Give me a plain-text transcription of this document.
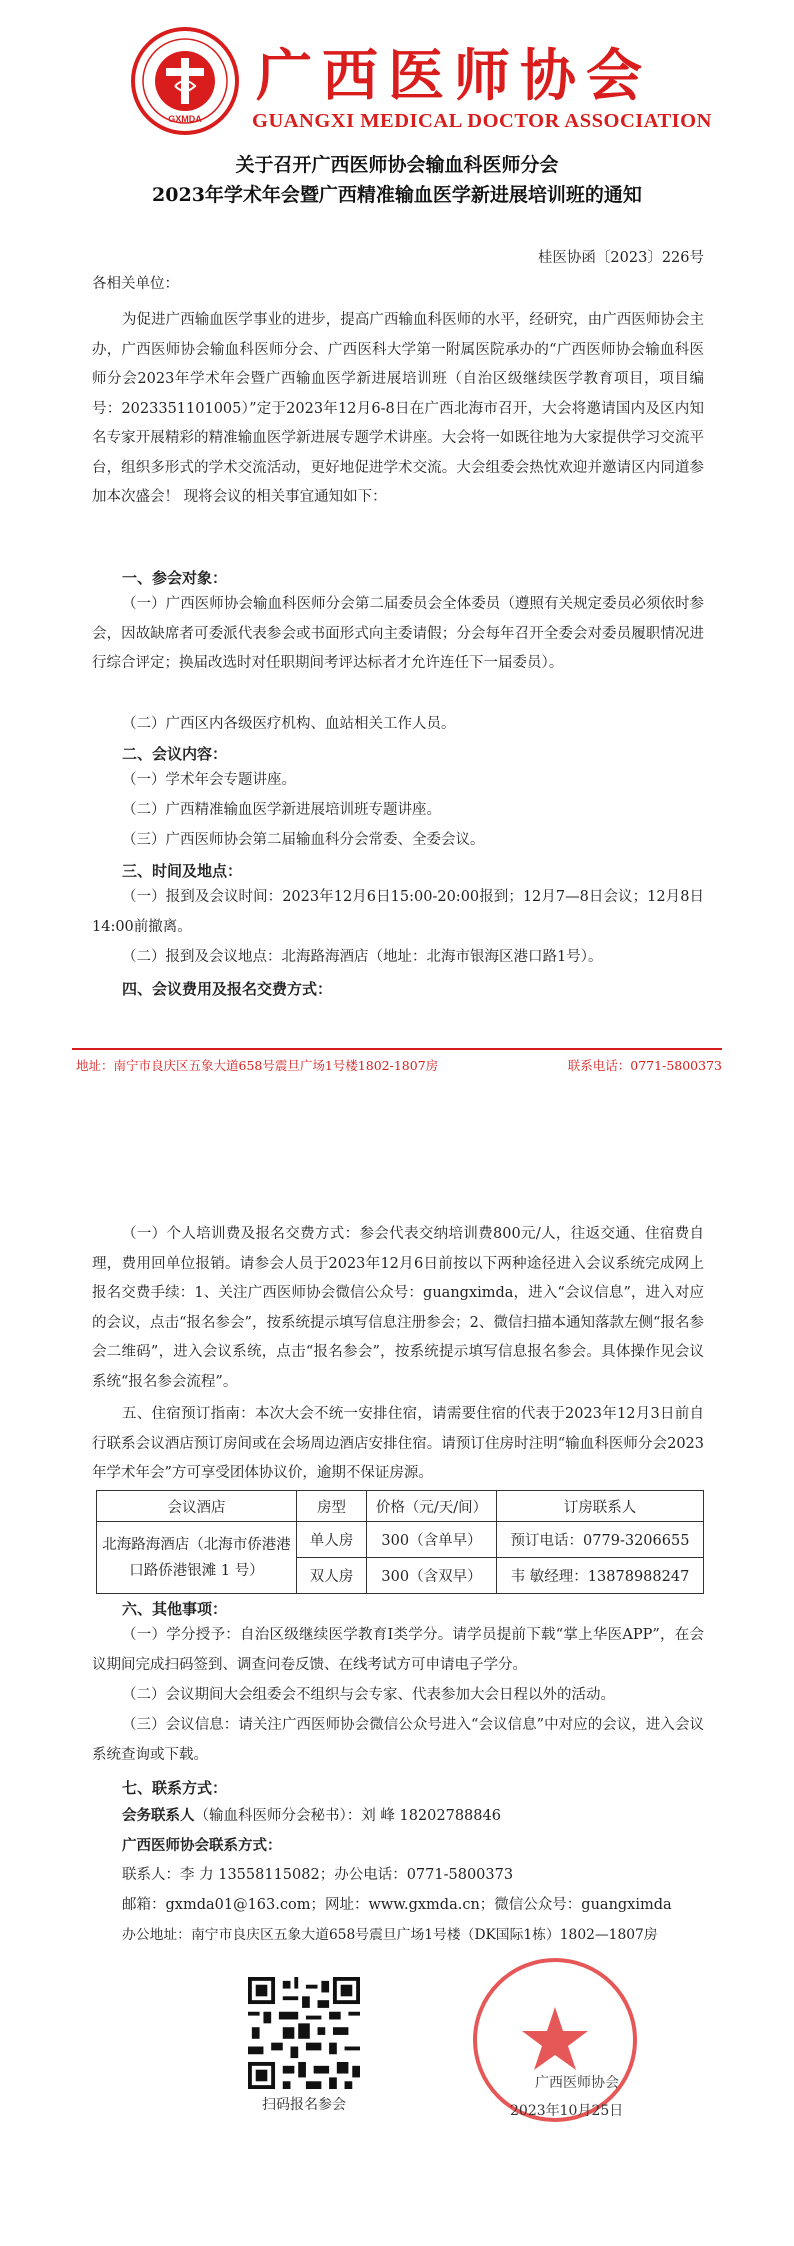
GXMDA
广西医师协会
GUANGXI MEDICAL DOCTOR ASSOCIATION
关于召开广西医师协会输血科医师分会
2023年学术年会暨广西精准输血医学新进展培训班的通知
桂医协函〔2023〕226号
各相关单位：
为促进广西输血医学事业的进步，提高广西输血科医师的水平，经研究，由广西医师协会主办，广西医师协会输血科医师分会、广西医科大学第一附属医院承办的“广西医师协会输血科医师分会2023年学术年会暨广西输血医学新进展培训班（自治区级继续医学教育项目，项目编号：2023351101005）”定于2023年12月6-8日在广西北海市召开，大会将邀请国内及区内知名专家开展精彩的精准输血医学新进展专题学术讲座。大会将一如既往地为大家提供学习交流平台，组织多形式的学术交流活动，更好地促进学术交流。大会组委会热忱欢迎并邀请区内同道参加本次盛会！ 现将会议的相关事宜通知如下：
一、参会对象：
（一）广西医师协会输血科医师分会第二届委员会全体委员（遵照有关规定委员必须依时参会，因故缺席者可委派代表参会或书面形式向主委请假；分会每年召开全委会对委员履职情况进行综合评定；换届改选时对任职期间考评达标者才允许连任下一届委员）。
（二）广西区内各级医疗机构、血站相关工作人员。
二、会议内容：
（一）学术年会专题讲座。
（二）广西精准输血医学新进展培训班专题讲座。
（三）广西医师协会第二届输血科分会常委、全委会议。
三、时间及地点：
（一）报到及会议时间：2023年12月6日15:00-20:00报到；12月7—8日会议；12月8日14:00前撤离。
（二）报到及会议地点：北海路海酒店（地址：北海市银海区港口路1号）。
四、会议费用及报名交费方式：
地址：南宁市良庆区五象大道658号震旦广场1号楼1802-1807房	联系电话：0771-5800373
（一）个人培训费及报名交费方式：参会代表交纳培训费800元/人，往返交通、住宿费自理，费用回单位报销。请参会人员于2023年12月6日前按以下两种途径进入会议系统完成网上报名交费手续：1、关注广西医师协会微信公众号：guangximda，进入“会议信息”，进入对应的会议，点击“报名参会”，按系统提示填写信息注册参会；2、微信扫描本通知落款左侧“报名参会二维码”，进入会议系统，点击“报名参会”，按系统提示填写信息报名参会。具体操作见会议系统“报名参会流程”。
五、住宿预订指南：本次大会不统一安排住宿，请需要住宿的代表于2023年12月3日前自行联系会议酒店预订房间或在会场周边酒店安排住宿。请预订住房时注明“输血科医师分会2023年学术年会”方可享受团体协议价，逾期不保证房源。
会议酒店	房型	价格（元/天/间）	订房联系人
北海路海酒店（北海市侨港港口路侨港银滩 1 号）	单人房	300（含单早）	预订电话：0779-3206655
	双人房	300（含双早）	韦 敏经理：13878988247
六、其他事项：
（一）学分授予：自治区级继续医学教育I类学分。请学员提前下载“掌上华医APP”，在会议期间完成扫码签到、调查问卷反馈、在线考试方可申请电子学分。
（二）会议期间大会组委会不组织与会专家、代表参加大会日程以外的活动。
（三）会议信息：请关注广西医师协会微信公众号进入“会议信息”中对应的会议，进入会议系统查询或下载。
七、联系方式：
会务联系人（输血科医师分会秘书）：刘 峰 18202788846
广西医师协会联系方式：
联系人：李 力 13558115082；办公电话：0771-5800373
邮箱：gxmda01@163.com；网址：www.gxmda.cn；微信公众号：guangximda
办公地址：南宁市良庆区五象大道658号震旦广场1号楼（DK国际1栋）1802—1807房
扫码报名参会
广西医师协会
2023年10月25日
